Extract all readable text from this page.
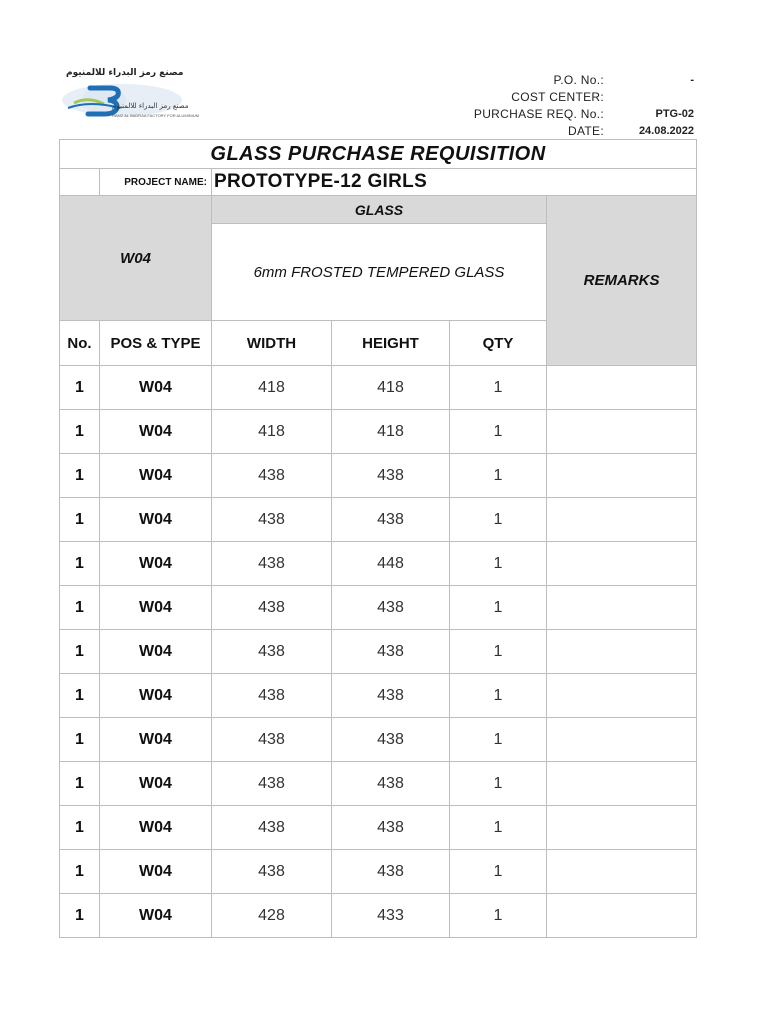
مصنع رمز البدراء للالمنيوم
مصنع رمز البدراء للالمنيوم
RAMZ AL BADRAA FACTORY FOR ALUMINIUM
P.O. No.:	-
COST CENTER:
PURCHASE REQ. No.:	PTG-02
DATE:	24.08.2022
GLASS PURCHASE REQUISITION					
	PROJECT NAME:	PROTOTYPE-12 GIRLS			
W04		GLASS			REMARKS
		6mm FROSTED TEMPERED GLASS			
No.	POS & TYPE	WIDTH	HEIGHT	QTY	
1	W04	418	418	1	
1	W04	418	418	1	
1	W04	438	438	1	
1	W04	438	438	1	
1	W04	438	448	1	
1	W04	438	438	1	
1	W04	438	438	1	
1	W04	438	438	1	
1	W04	438	438	1	
1	W04	438	438	1	
1	W04	438	438	1	
1	W04	438	438	1	
1	W04	428	433	1	
